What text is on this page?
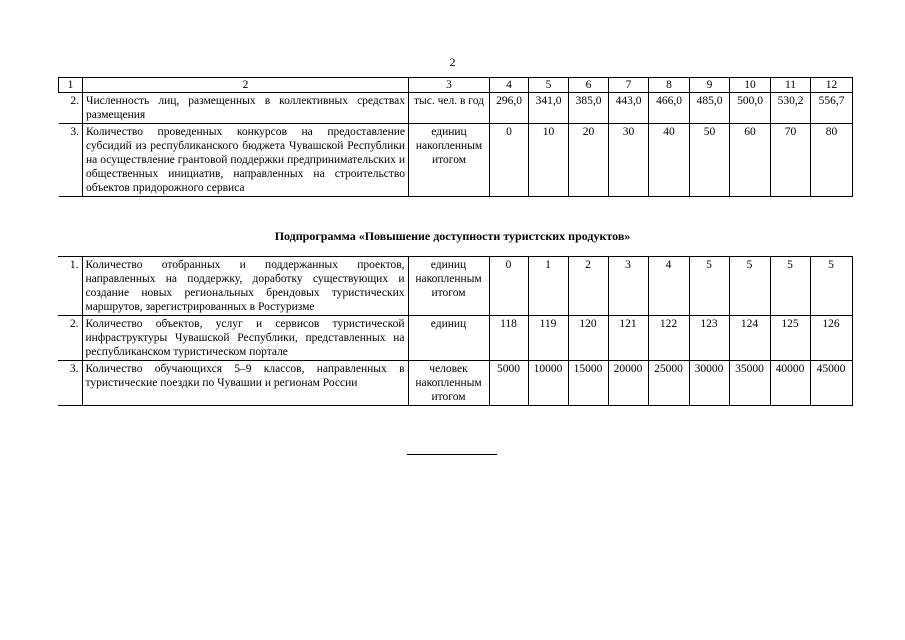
2
1	2	3	4	5	6	7	8	9	10	11	12
2.	Численность лиц, размещенных в коллективных средствах размещения	тыс. чел. в год	296,0	341,0	385,0	443,0	466,0	485,0	500,0	530,2	556,7
3.	Количество проведенных конкурсов на предоставление субсидий из республиканского бюджета Чувашской Республики на осуществление грантовой поддержки предпринимательских и общественных инициатив, направленных на строительство объектов придорожного сервиса	единиц накопленным итогом	0	10	20	30	40	50	60	70	80
Подпрограмма «Повышение доступности туристских продуктов»
1.	Количество отобранных и поддержанных проектов, направленных на поддержку, доработку существующих и создание новых региональных брендовых туристических маршрутов, зарегистрированных в Ростуризме	единиц накопленным итогом	0	1	2	3	4	5	5	5	5
2.	Количество объектов, услуг и сервисов туристической инфраструктуры Чувашской Республики, представленных на республиканском туристическом портале	единиц	118	119	120	121	122	123	124	125	126
3.	Количество обучающихся 5–9 классов, направленных в туристические поездки по Чувашии и регионам России	человек накопленным итогом	5000	10000	15000	20000	25000	30000	35000	40000	45000
